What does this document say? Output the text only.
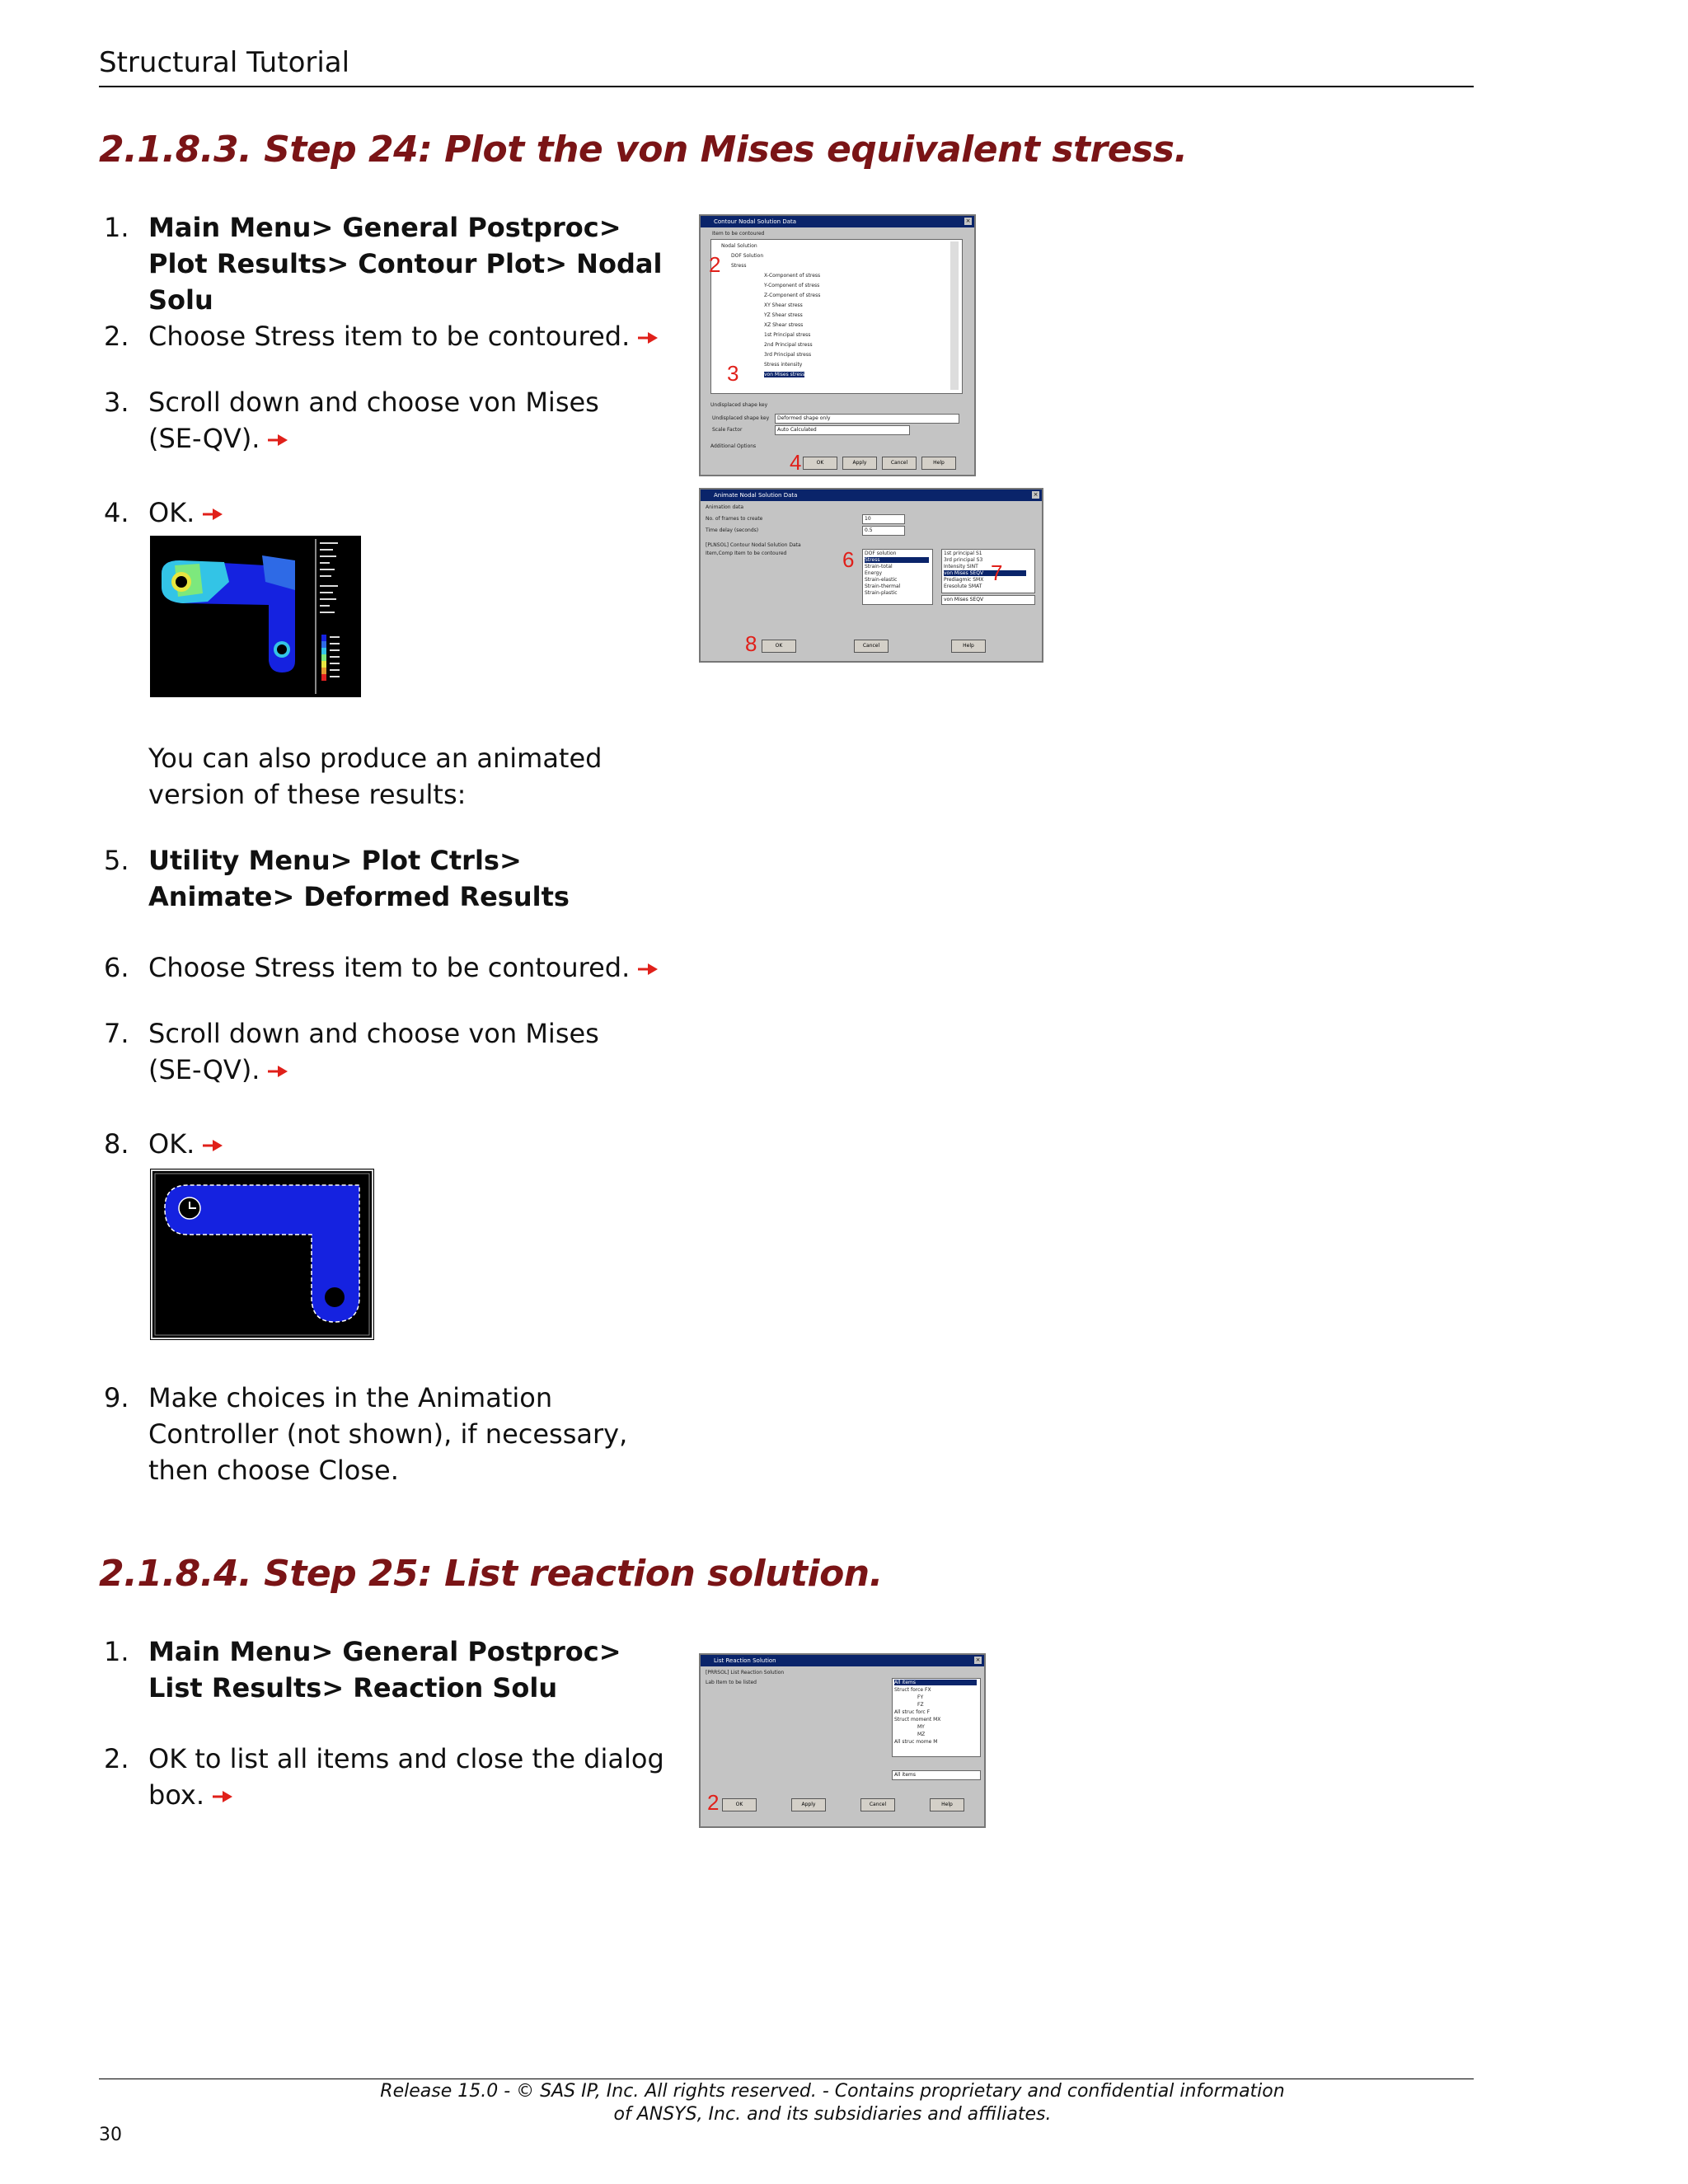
Structural Tutorial
2.1.8.3. Step 24: Plot the von Mises equivalent stress.
1. Main Menu> General Postproc> Plot Results> Contour Plot> Nodal Solu
2. Choose Stress item to be contoured.
3. Scroll down and choose von Mises (SE-QV).
4. OK.
You can also produce an animated version of these results:
5. Utility Menu> Plot Ctrls> Animate> Deformed Results
6. Choose Stress item to be contoured.
7. Scroll down and choose von Mises (SE-QV).
8. OK.
9. Make choices in the Animation Controller (not shown), if necessary, then choose Close.
2.1.8.4. Step 25: List reaction solution.
1. Main Menu> General Postproc> List Results> Reaction Solu
2. OK to list all items and close the dialog box.
Contour Nodal Solution Data	×
Item to be contoured
Nodal Solution
DOF Solution
Stress
X-Component of stress
Y-Component of stress
Z-Component of stress
XY Shear stress
YZ Shear stress
XZ Shear stress
1st Principal stress
2nd Principal stress
3rd Principal stress
Stress intensity
von Mises stress
Undisplaced shape key
Undisplaced shape key	Deformed shape only
Scale Factor	Auto Calculated
Additional Options
OK	Apply	Cancel	Help
2
3
4
Animate Nodal Solution Data	×
Animation data
No. of frames to create	10
Time delay (seconds)	0.5
[PLNSOL] Contour Nodal Solution Data
Item,Comp Item to be contoured	DOF solution
Stress
Strain-total
Energy
Strain-elastic
Strain-thermal
Strain-plastic
1st principal S1
3rd principal S3
Intensity SINT
von Mises SEQV
Prediagmic SMX
Eresolute SMAT
von Mises SEQV
OK	Cancel	Help
6
7
8
List Reaction Solution	×
[PRRSOL] List Reaction Solution
Lab Item to be listed	All items
Struct force FX
FY
FZ
All struc forc F
Struct moment MX
MY
MZ
All struc mome M
All items
OK	Apply	Cancel	Help
2
Release 15.0 - © SAS IP, Inc. All rights reserved. - Contains proprietary and confidential information
of ANSYS, Inc. and its subsidiaries and affiliates.
30
